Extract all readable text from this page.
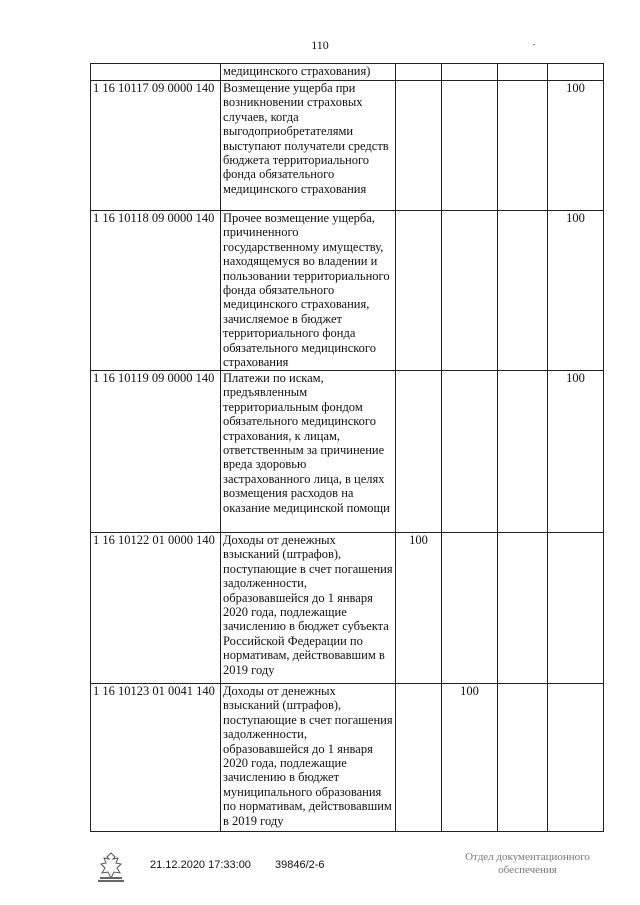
110
	медицинского страхования)				
1 16 10117 09 0000 140	Возмещение ущерба при возникновении страховых случаев, когда выгодоприобретателями выступают получатели средств бюджета территориального фонда обязательного медицинского страхования				100
1 16 10118 09 0000 140	Прочее возмещение ущерба, причиненного государственному имуществу, находящемуся во владении и пользовании территориального фонда обязательного медицинского страхования, зачисляемое в бюджет территориального фонда обязательного медицинского страхования				100
1 16 10119 09 0000 140	Платежи по искам, предъявленным территориальным фондом обязательного медицинского страхования, к лицам, ответственным за причинение вреда здоровью застрахованного лица, в целях возмещения расходов на оказание медицинской помощи				100
1 16 10122 01 0000 140	Доходы от денежных взысканий (штрафов), поступающие в счет погашения задолженности, образовавшейся до 1 января 2020 года, подлежащие зачислению в бюджет субъекта Российской Федерации по нормативам, действовавшим в 2019 году	100			
1 16 10123 01 0041 140	Доходы от денежных взысканий (штрафов), поступающие в счет погашения задолженности, образовавшейся до 1 января 2020 года, подлежащие зачислению в бюджет муниципального образования по нормативам, действовавшим в 2019 году		100		
21.12.2020 17:33:00 39846/2-6
Отдел документационного
обеспечения
